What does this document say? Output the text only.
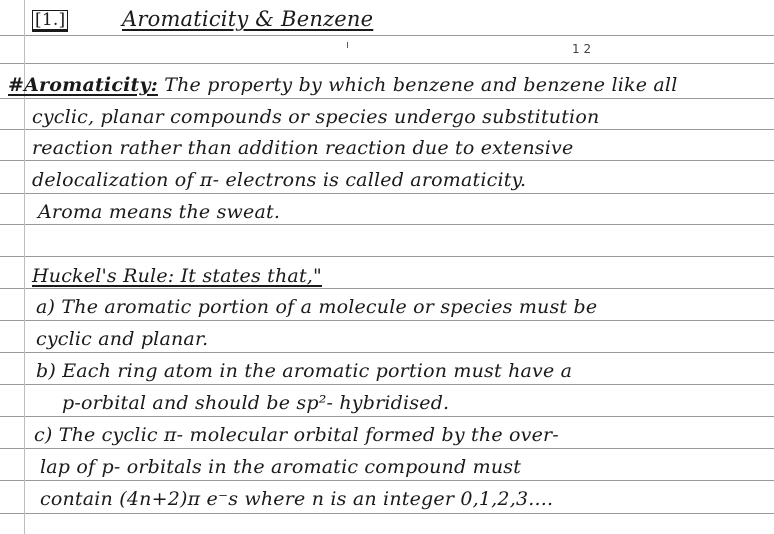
[1.]	Aromaticity & Benzene
1 2
ı
#Aromaticity: The property by which benzene and benzene like all
cyclic, planar compounds or species undergo substitution
reaction rather than addition reaction due to extensive
delocalization of π- electrons is called aromaticity.
Aroma means the sweat.
Huckel's Rule: It states that,"
a) The aromatic portion of a molecule or species must be
cyclic and planar.
b) Each ring atom in the aromatic portion must have a
p-orbital and should be sp²- hybridised.
c) The cyclic π- molecular orbital formed by the over-
lap of p- orbitals in the aromatic compound must
contain (4n+2)π e⁻s where n is an integer 0,1,2,3....
